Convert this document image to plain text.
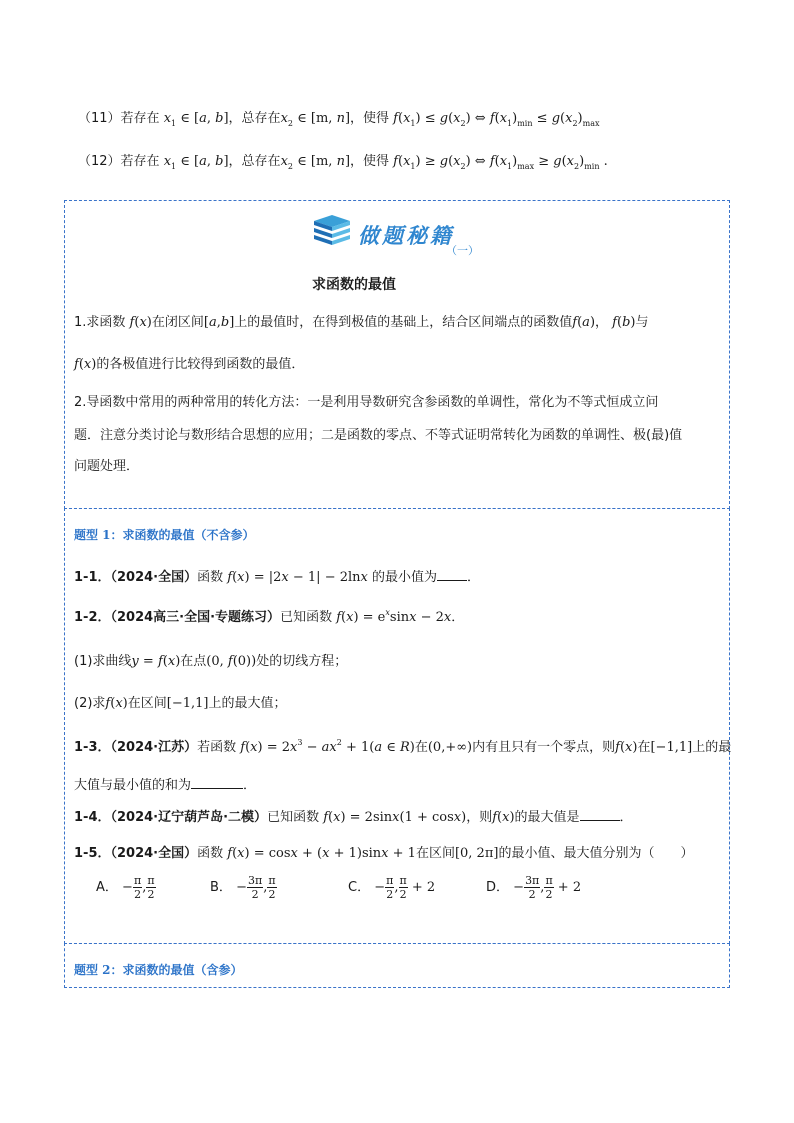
（11）若存在 $x_1$ ∈ [a, b]，总存在$x_2$ ∈ [m, n]，使得 $f(x_1) \le g(x_2)$ ⇔ $f(x_1)_{min} \le g(x_2)_{max}$
（12）若存在 $x_1$ ∈ [a, b]，总存在$x_2$ ∈ [m, n]，使得 $f(x_1) \ge g(x_2)$ ⇔ $f(x_1)_{max} \ge g(x_2)_{min}$ .
做题秘籍
（一）
求函数的最值
1.求函数 f(x)在闭区间[a,b]上的最值时，在得到极值的基础上，结合区间端点的函数值f(a)， f(b)与
f(x)的各极值进行比较得到函数的最值．
2.导函数中常用的两种常用的转化方法：一是利用导数研究含参函数的单调性，常化为不等式恒成立问
题．注意分类讨论与数形结合思想的应用；二是函数的零点、不等式证明常转化为函数的单调性、极(最)值
问题处理．
题型 1：求函数的最值（不含参）
1-1．（2024·全国）函数 f(x) = |2x − 1| − 2lnx 的最小值为 ．
1-2．（2024高三·全国·专题练习）已知函数 $f(x) = e^x\sin x - 2x$．
(1)求曲线y = f(x)在点(0, f(0))处的切线方程；
(2)求f(x)在区间[−1,1]上的最大值；
1-3．（2024·江苏）若函数 $f(x) = 2x^3 - ax^2 + 1(a$ ∈ R)在(0,+∞)内有且只有一个零点，则f(x)在[−1,1]上的最
大值与最小值的和为	．
1-4．（2024·辽宁葫芦岛·二模）已知函数 f(x) = 2sinx(1 + cosx)，则f(x)的最大值是	．
1-5．（2024·全国）函数 f(x) = cosx + (x + 1)sinx + 1在区间[0, 2π]的最小值、最大值分别为（　　）
A． − $\frac{\pi}{2}$ , $\frac{\pi}{2}$	B． − $\frac{3\pi}{2}$ , $\frac{\pi}{2}$	C． − $\frac{\pi}{2}$ , $\frac{\pi}{2} + 2$	D． − $\frac{3\pi}{2}$ , $\frac{\pi}{2} + 2$
题型 2：求函数的最值（含参）
